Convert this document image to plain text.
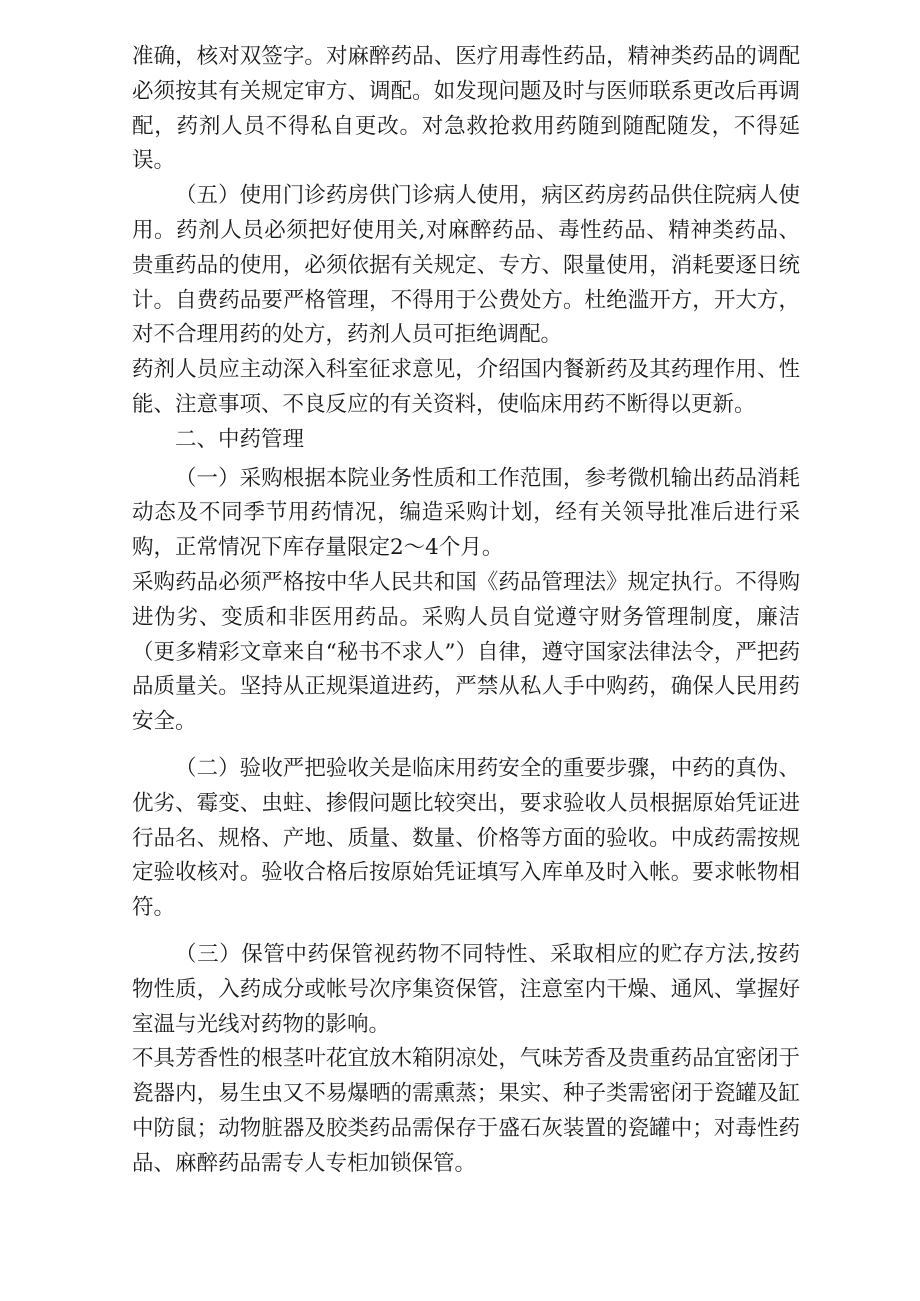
准确，核对双签字。对麻醉药品、医疗用毒性药品，精神类药品的调配必须按其有关规定审方、调配。如发现问题及时与医师联系更改后再调配，药剂人员不得私自更改。对急救抢救用药随到随配随发，不得延误。

（五）使用门诊药房供门诊病人使用，病区药房药品供住院病人使用。药剂人员必须把好使用关,对麻醉药品、毒性药品、精神类药品、贵重药品的使用，必须依据有关规定、专方、限量使用，消耗要逐日统计。自费药品要严格管理，不得用于公费处方。杜绝滥开方，开大方，对不合理用药的处方，药剂人员可拒绝调配。

药剂人员应主动深入科室征求意见，介绍国内餐新药及其药理作用、性能、注意事项、不良反应的有关资料，使临床用药不断得以更新。

二、中药管理

（一）采购根据本院业务性质和工作范围，参考微机输出药品消耗动态及不同季节用药情况，编造采购计划，经有关领导批准后进行采购，正常情况下库存量限定2～4个月。

采购药品必须严格按中华人民共和国《药品管理法》规定执行。不得购进伪劣、变质和非医用药品。采购人员自觉遵守财务管理制度，廉洁（更多精彩文章来自“秘书不求人”）自律，遵守国家法律法令，严把药品质量关。坚持从正规渠道进药，严禁从私人手中购药，确保人民用药安全。

（二）验收严把验收关是临床用药安全的重要步骤，中药的真伪、优劣、霉变、虫蛀、掺假问题比较突出，要求验收人员根据原始凭证进行品名、规格、产地、质量、数量、价格等方面的验收。中成药需按规定验收核对。验收合格后按原始凭证填写入库单及时入帐。要求帐物相符。

（三）保管中药保管视药物不同特性、采取相应的贮存方法,按药物性质，入药成分或帐号次序集资保管，注意室内干燥、通风、掌握好室温与光线对药物的影响。

不具芳香性的根茎叶花宜放木箱阴凉处，气味芳香及贵重药品宜密闭于瓷器内，易生虫又不易爆晒的需熏蒸；果实、种子类需密闭于瓷罐及缸中防鼠；动物脏器及胶类药品需保存于盛石灰装置的瓷罐中；对毒性药品、麻醉药品需专人专柜加锁保管。
